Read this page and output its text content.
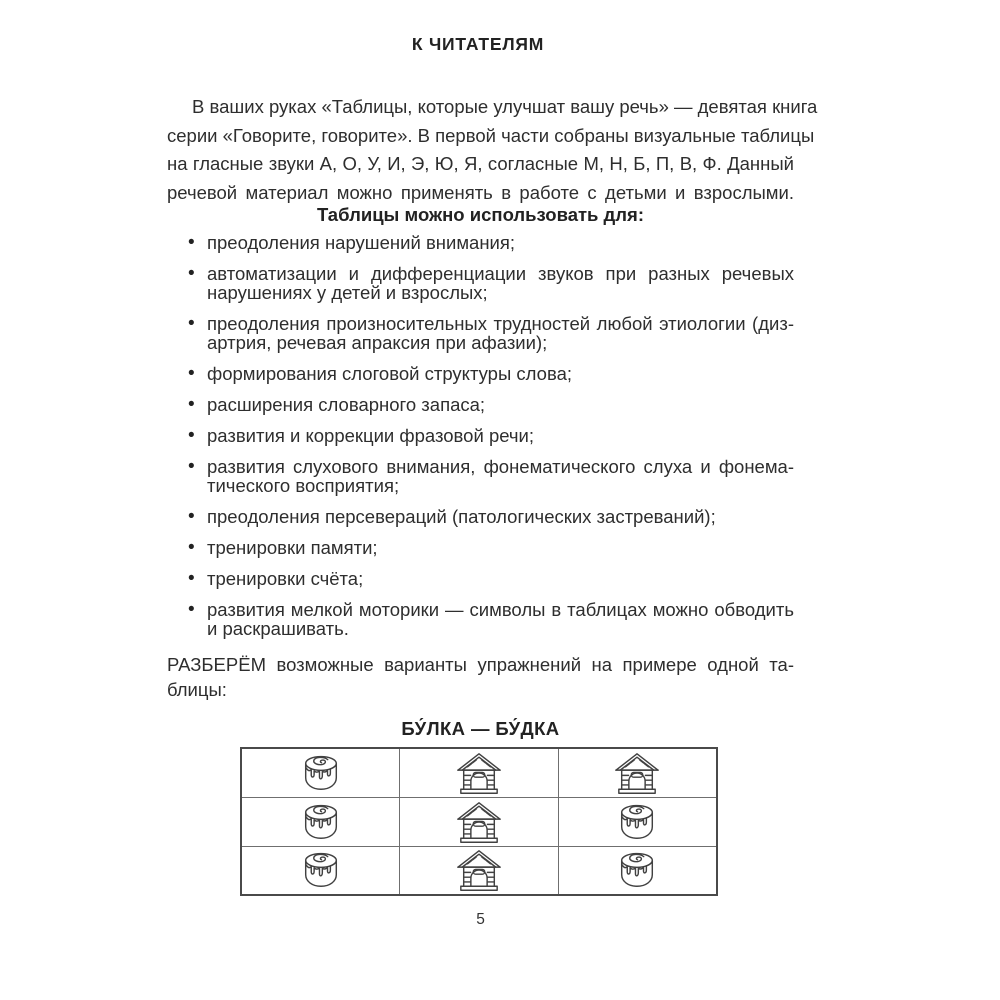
К ЧИТАТЕЛЯМ
В ваших руках «Таблицы, которые улучшат вашу речь» — девятая книга
серии «Говорите, говорите». В первой части собраны визуальные таблицы
на гласные звуки А, О, У, И, Э, Ю, Я, согласные М, Н, Б, П, В, Ф. Данный
речевой материал можно применять в работе с детьми и взрослыми.
Таблицы можно использовать для:
• преодоления нарушений внимания;
• автоматизации и дифференциации звуков при разных речевых
нарушениях у детей и взрослых;
• преодоления произносительных трудностей любой этиологии (диз-
артрия, речевая апраксия при афазии);
• формирования слоговой структуры слова;
• расширения словарного запаса;
• развития и коррекции фразовой речи;
• развития слухового внимания, фонематического слуха и фонема-
тического восприятия;
• преодоления персевераций (патологических застреваний);
• тренировки памяти;
• тренировки счёта;
• развития мелкой моторики — символы в таблицах можно обводить
и раскрашивать.
РАЗБЕРЁМ возможные варианты упражнений на примере одной та-
блицы:
БУ́ЛКА — БУ́ДКА

5
